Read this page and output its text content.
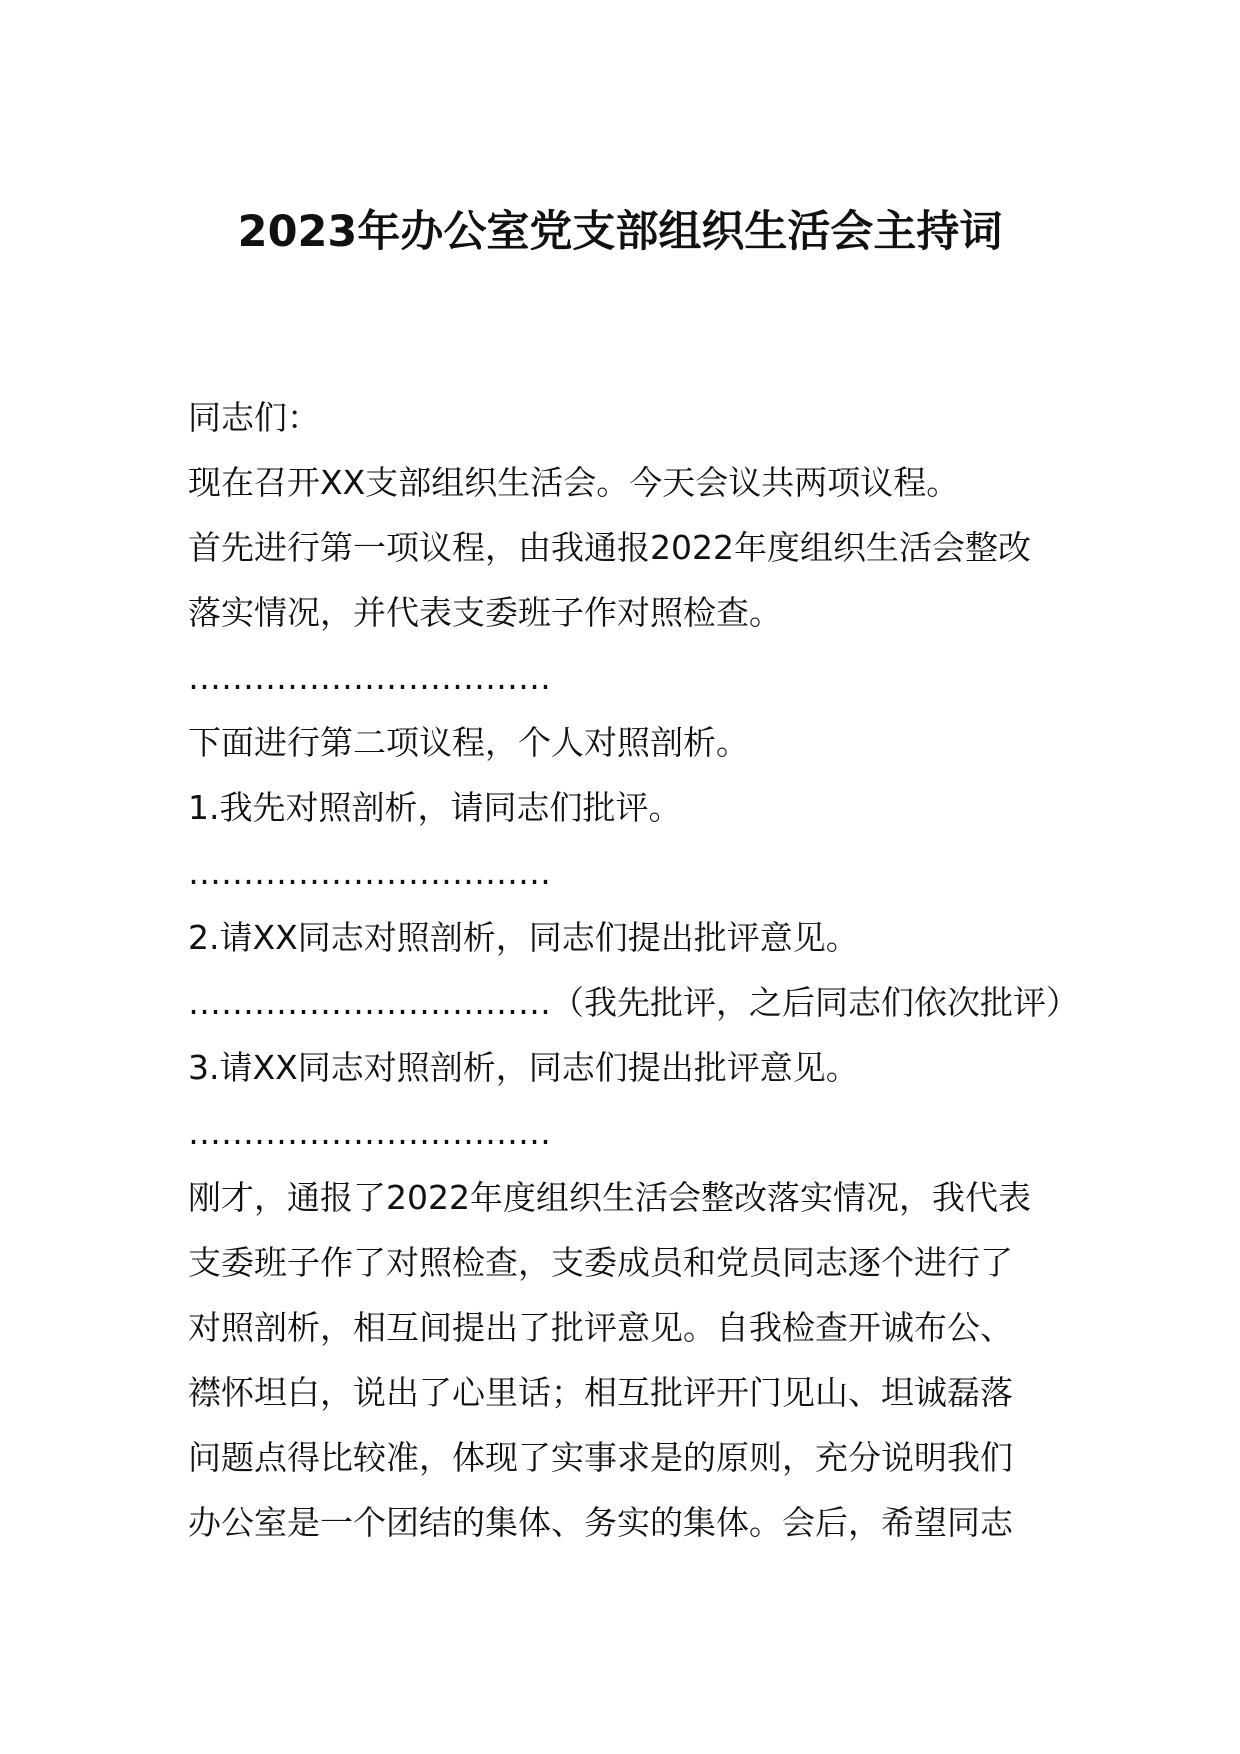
2023年办公室党支部组织生活会主持词
同志们：
现在召开XX支部组织生活会。今天会议共两项议程。
首先进行第一项议程，由我通报2022年度组织生活会整改
落实情况，并代表支委班子作对照检查。
……………………………
下面进行第二项议程，个人对照剖析。
1.我先对照剖析，请同志们批评。
……………………………
2.请XX同志对照剖析，同志们提出批评意见。
……………………………（我先批评，之后同志们依次批评）
3.请XX同志对照剖析，同志们提出批评意见。
……………………………
刚才，通报了2022年度组织生活会整改落实情况，我代表
支委班子作了对照检查，支委成员和党员同志逐个进行了
对照剖析，相互间提出了批评意见。自我检查开诚布公、
襟怀坦白，说出了心里话；相互批评开门见山、坦诚磊落
问题点得比较准，体现了实事求是的原则，充分说明我们
办公室是一个团结的集体、务实的集体。会后，希望同志
